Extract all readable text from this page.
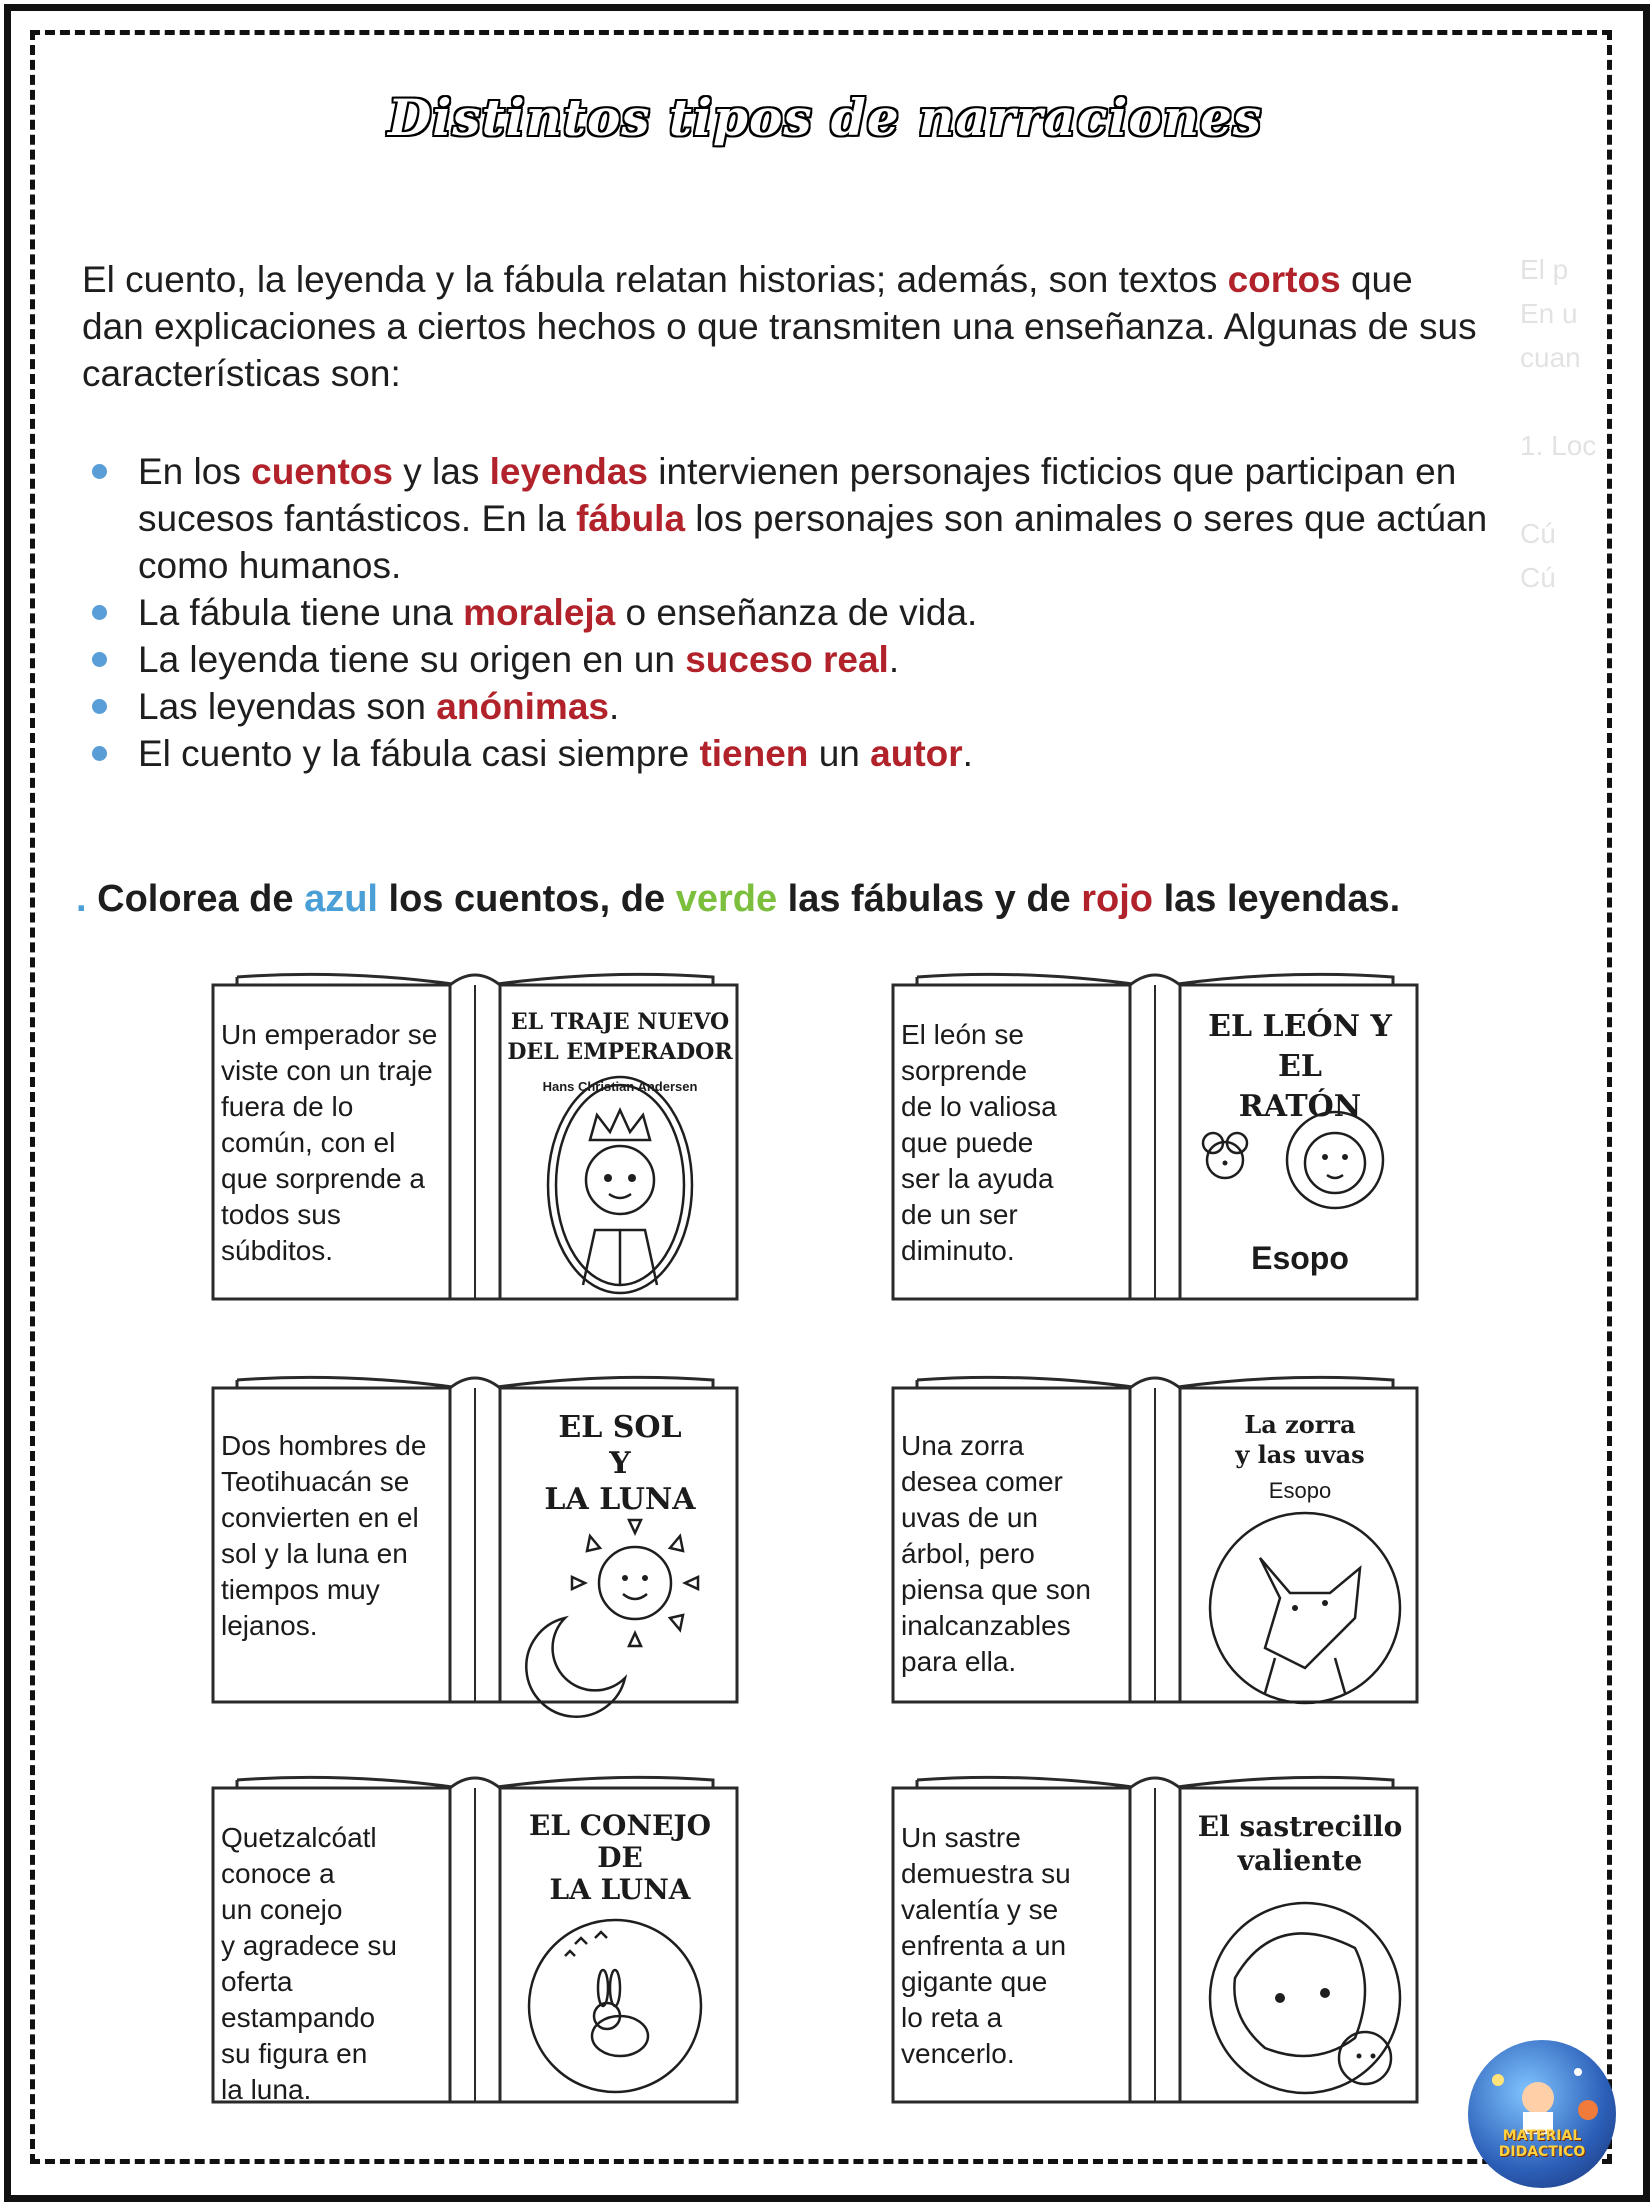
Distintos tipos de narraciones
El p
En u
cuan

1. Loc

Cú
Cú

El cuento, la leyenda y la fábula relatan historias; además, son textos cortos que dan explicaciones a ciertos hechos o que transmiten una enseñanza. Algunas de sus características son:

En los cuentos y las leyendas intervienen personajes ficticios que participan en sucesos fantásticos. En la fábula los personajes son animales o seres que actúan como humanos.
La fábula tiene una moraleja o enseñanza de vida.
La leyenda tiene su origen en un suceso real.
Las leyendas son anónimas.
El cuento y la fábula casi siempre tienen un autor.

. Colorea de azul los cuentos, de verde las fábulas y de rojo las leyendas.

Un emperador se
viste con un traje
fuera de lo
común, con el
que sorprende a
todos sus
súbditos.
EL TRAJE NUEVO
DEL EMPERADOR
Hans Christian Andersen
El león se
sorprende
de lo valiosa
que puede
ser la ayuda
de un ser
diminuto.
EL LEÓN Y EL
RATÓN
Esopo
Dos hombres de
Teotihuacán se
convierten en el
sol y la luna en
tiempos muy
lejanos.
EL SOL
Y
LA LUNA
Una zorra
desea comer
uvas de un
árbol, pero
piensa que son
inalcanzables
para ella.
La zorra
y las uvas
Esopo
Quetzalcóatl
conoce a
un conejo
y agradece su
oferta
estampando
su figura en
la luna.
EL CONEJO DE
LA LUNA
Un sastre
demuestra su
valentía y se
enfrenta a un
gigante que
lo reta a
vencerlo.
El sastrecillo
valiente
MATERIAL
DIDACTICO
